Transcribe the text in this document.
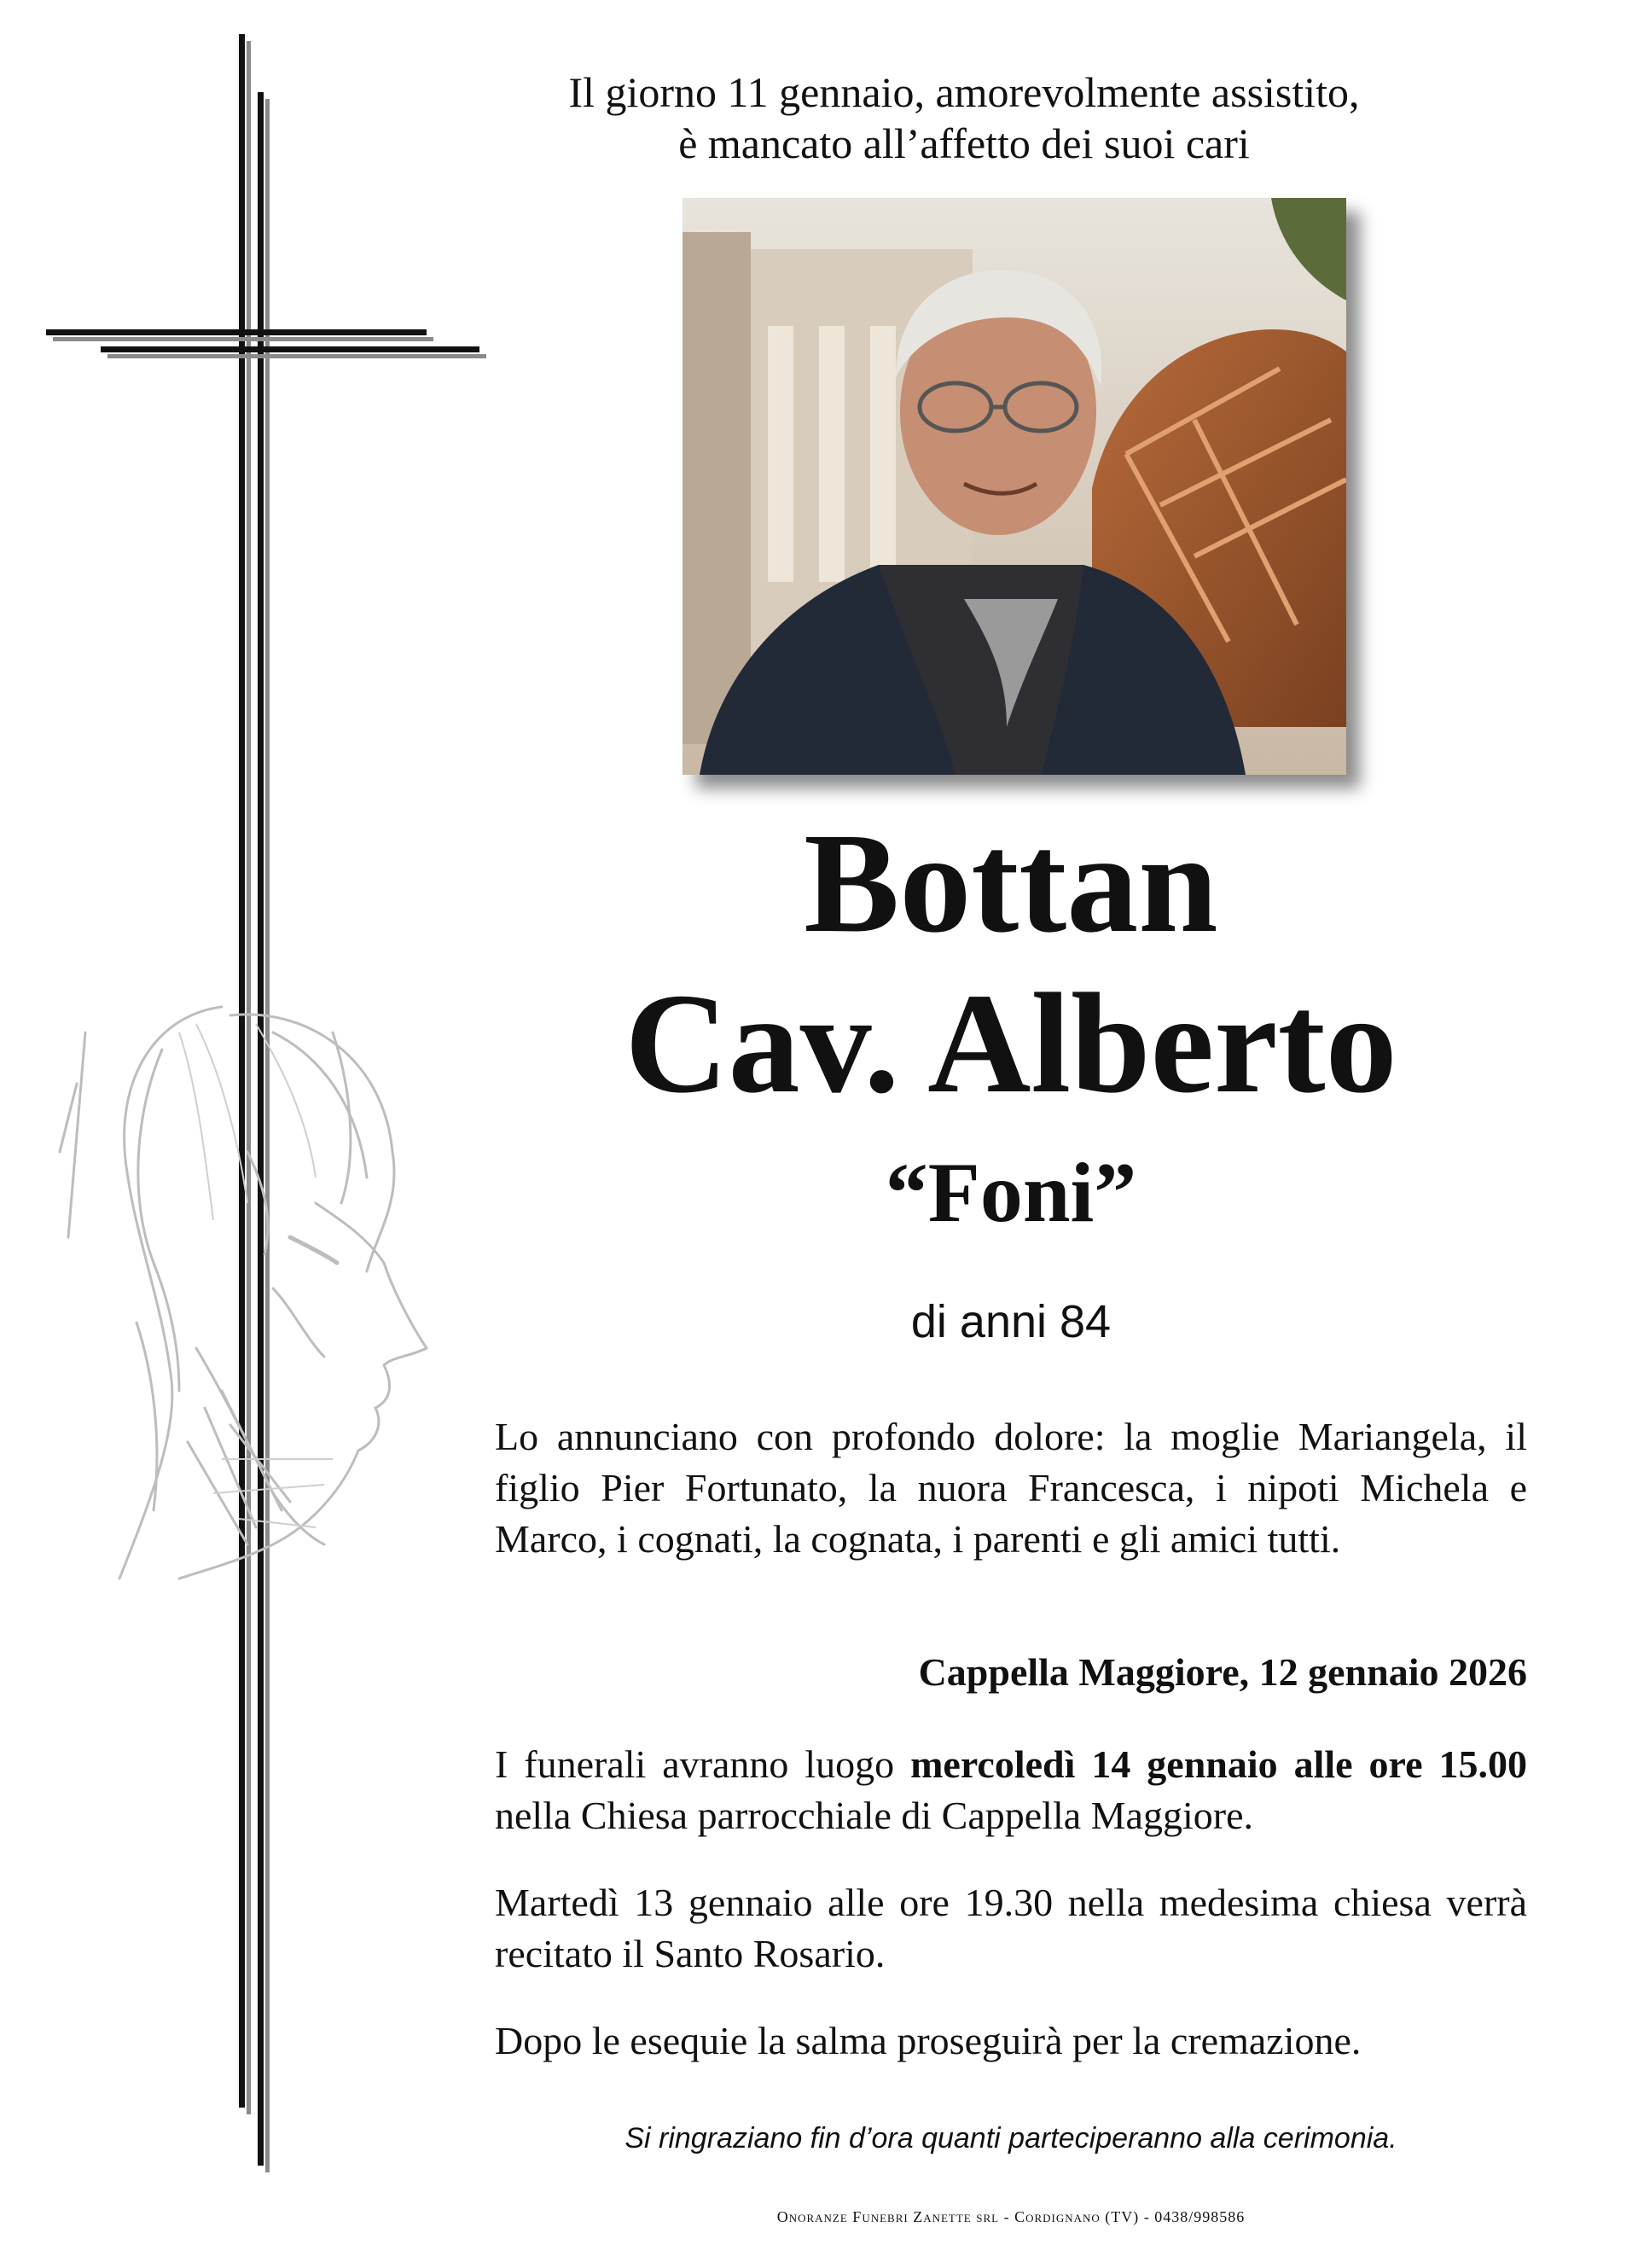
Il giorno 11 gennaio, amorevolmente assistito,
è mancato all’affetto dei suoi cari
Bottan
Cav. Alberto
“Foni”
di anni 84
Lo annunciano con profondo dolore: la moglie Mariangela, il figlio Pier Fortunato, la nuora Francesca, i nipoti Michela e Marco, i cognati, la cognata, i parenti e gli amici tutti.
Cappella Maggiore, 12 gennaio 2026
I funerali avranno luogo mercoledì 14 gennaio alle ore 15.00 nella Chiesa parrocchiale di Cappella Maggiore.
Martedì 13 gennaio alle ore 19.30 nella medesima chiesa verrà recitato il Santo Rosario.
Dopo le esequie la salma proseguirà per la cremazione.
Si ringraziano fin d’ora quanti parteciperanno alla cerimonia.
Onoranze Funebri Zanette srl - Cordignano (TV) - 0438/998586
